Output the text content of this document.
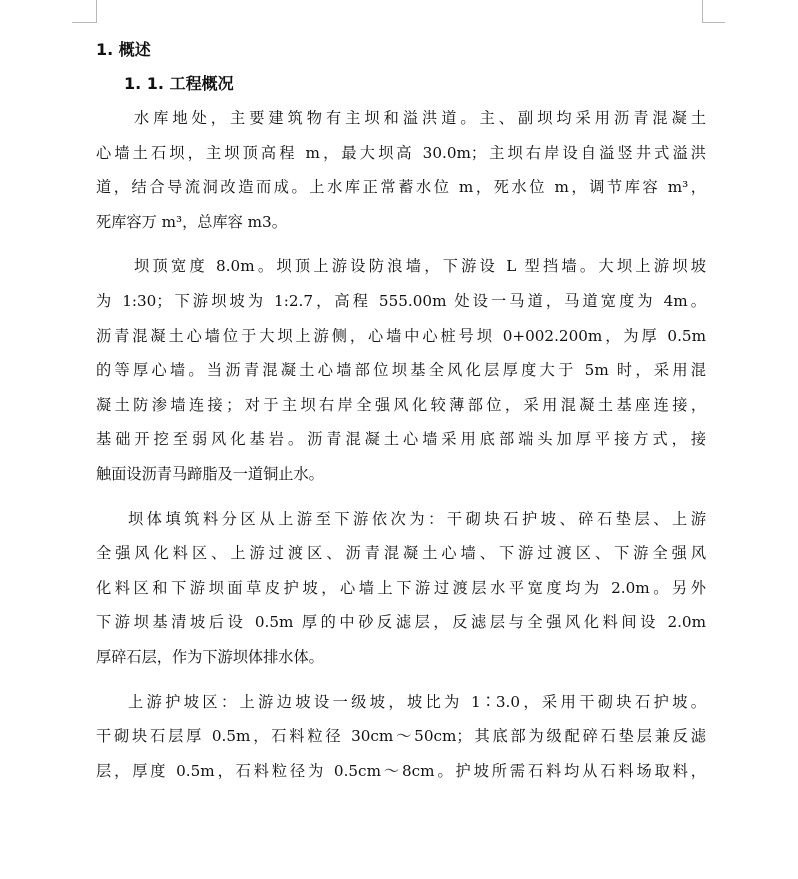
1. 概述
1. 1. 工程概况
水库地处，主要建筑物有主坝和溢洪道。主、副坝均采用沥青混凝土
心墙土石坝，主坝顶高程 m，最大坝高 30.0m；主坝右岸设自溢竖井式溢洪
道，结合导流洞改造而成。上水库正常蓄水位 m，死水位 m，调节库容 m³，
死库容万 m³，总库容 m3。
坝顶宽度 8.0m。坝顶上游设防浪墙，下游设 L 型挡墙。大坝上游坝坡
为 1:30；下游坝坡为 1:2.7，高程 555.00m 处设一马道，马道宽度为 4m。
沥青混凝土心墙位于大坝上游侧，心墙中心桩号坝 0+002.200m，为厚 0.5m
的等厚心墙。当沥青混凝土心墙部位坝基全风化层厚度大于 5m 时，采用混
凝土防渗墙连接；对于主坝右岸全强风化较薄部位，采用混凝土基座连接，
基础开挖至弱风化基岩。沥青混凝土心墙采用底部端头加厚平接方式，接
触面设沥青马蹄脂及一道铜止水。
坝体填筑料分区从上游至下游依次为：干砌块石护坡、碎石垫层、上游
全强风化料区、上游过渡区、沥青混凝土心墙、下游过渡区、下游全强风
化料区和下游坝面草皮护坡，心墙上下游过渡层水平宽度均为 2.0m。另外
下游坝基清坡后设 0.5m 厚的中砂反滤层，反滤层与全强风化料间设 2.0m
厚碎石层，作为下游坝体排水体。
上游护坡区：上游边坡设一级坡，坡比为 1∶3.0，采用干砌块石护坡。
干砌块石层厚 0.5m，石料粒径 30cm～50cm；其底部为级配碎石垫层兼反滤
层，厚度 0.5m，石料粒径为 0.5cm～8cm。护坡所需石料均从石料场取料，
